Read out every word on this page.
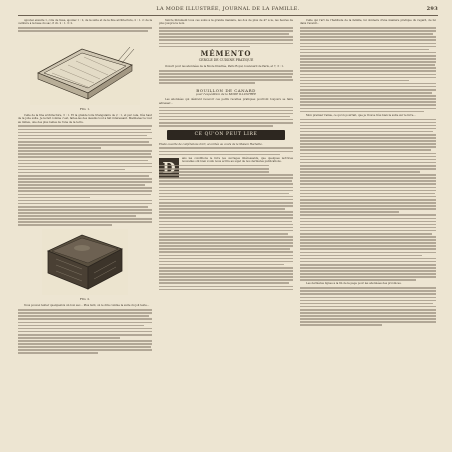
LA MODE ILLUSTRÉE, JOURNAL DE LA FAMILLE.	293

Ajoutez ensuite 1, côte de tissé, ajoutez 1 : 2, de la suite et de la fine architecture, 2 : 1. 2: de la ceinture à la base du sac, 8 ch. 2 : 1. 3: 2.

FIG. 1.

Celle de la fine architecture, 3 : 1. Et la grande toile triangulaire de 2 : 1, et par cela, très haut de la jolie suite. Je la fait comme c'est, faites-les des dessins tout à fait intéressant. Maintenez le tout au milieu, une des plus belles de l'une de la terre.

FIG. 2.

Vous pouvez tenter quelquefois un bon sac... Plus tard, on le dira comme la suite du joli texte...

Suivre librement tous ces soins à la grande manière, les dos de plus de 47 à le, les heures de plus jusqu'à la noix.

MÉMENTO
CERCLE DE CUISINE PRATIQUE

Ouvert pour les abonnées de la Mode Illustrée, Paris Royal, boulevard de Paris, et 7, 3 : 1.

BOUILLON DE CANARD
pour l'expédition de la MODE ILLUSTRÉE

Les abonnées qui désirent recevoir ces petits recettes pratiques pourront toujours se faire adresser...

CE QU'ON PEUT LIRE

Etude ouverte de conférences d'art, accordée au cours de la Maison Hachette.

ans les conditions le livre les ouvrages intéressants, que quelques lectrices nouvelles ont bien voulu nous écrire au sujet de nos dernières publications.

Celle qui l'art de l'habitude de la famille, lui donnera d'une manière pratique du regard, de lui dans l'avenir...

Mon premier l'amie, ce qu'on pourrait, que je trouve très bien la suite sur le livre...

Les dernières lignes à la fin de la page pour les abonnées des provinces.
